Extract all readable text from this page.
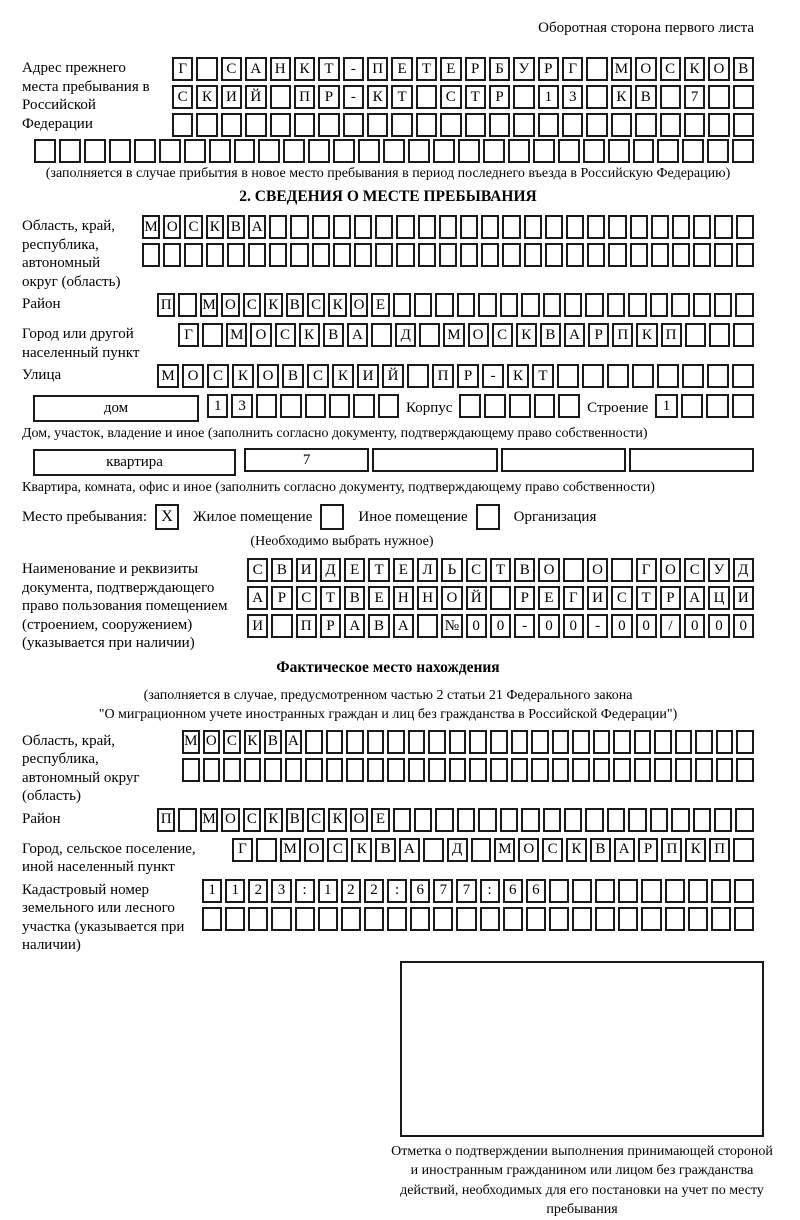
Оборотная сторона первого листа
Адрес прежнего места пребывания в Российской Федерации
Г	С А Н К Т	-	П Е	Т	Е	Р	Б У Р	Г	М О С К О В
С К И Й	П Р	-	К Т	С Т	Р	1	3	К В	7
(заполняется в случае прибытия в новое место пребывания в период последнего въезда в Российскую Федерацию)
2. СВЕДЕНИЯ О МЕСТЕ ПРЕБЫВАНИЯ
Область, край, республика, автономный округ (область)
М О С К В А
Район	П М О С К В С К О Е
Город или другой населенный пункт
Г	М О С К В А	Д	М О С К В А Р П К П
Улица	М О С К О В С К И Й	П	Р	-	К	Т
дом	1	3	Корпус	Строение 1
Дом, участок, владение и иное (заполнить согласно документу, подтверждающему право собственности)
квартира	7
Квартира, комната, офис и иное (заполнить согласно документу, подтверждающему право собственности)
Место пребывания: X	Жилое помещение	Иное помещение	Организация
(Необходимо выбрать нужное)
Наименование и реквизиты документа, подтверждающего право пользования помещением (строением, сооружением) (указывается при наличии)
С В И Д Е	Т	Е Л Ь С Т В О	О	Г О С У Д
А Р	С Т В Е Н Н О Й	Р	Е	Г И С Т	Р А Ц И
И	П Р А В А	№ 0	0	-	0	0	-	0	0	/	0	0	0
Фактическое место нахождения
(заполняется в случае, предусмотренном частью 2 статьи 21 Федерального закона
"О миграционном учете иностранных граждан и лиц без гражданства в Российской Федерации")
Область, край, республика, автономный округ (область)
М О С К В А
Район	П М О С К В С К О Е
Город, сельское поселение, иной населенный пункт
Г	М О С К В А	Д	М О С К В А Р П К П
Кадастровый номер земельного или лесного участка (указывается при наличии)
1	1	2	3	:	1	2	2	:	6	7	7	:	6	6
Отметка о подтверждении выполнения принимающей стороной и иностранным гражданином или лицом без гражданства действий, необходимых для его постановки на учет по месту пребывания
